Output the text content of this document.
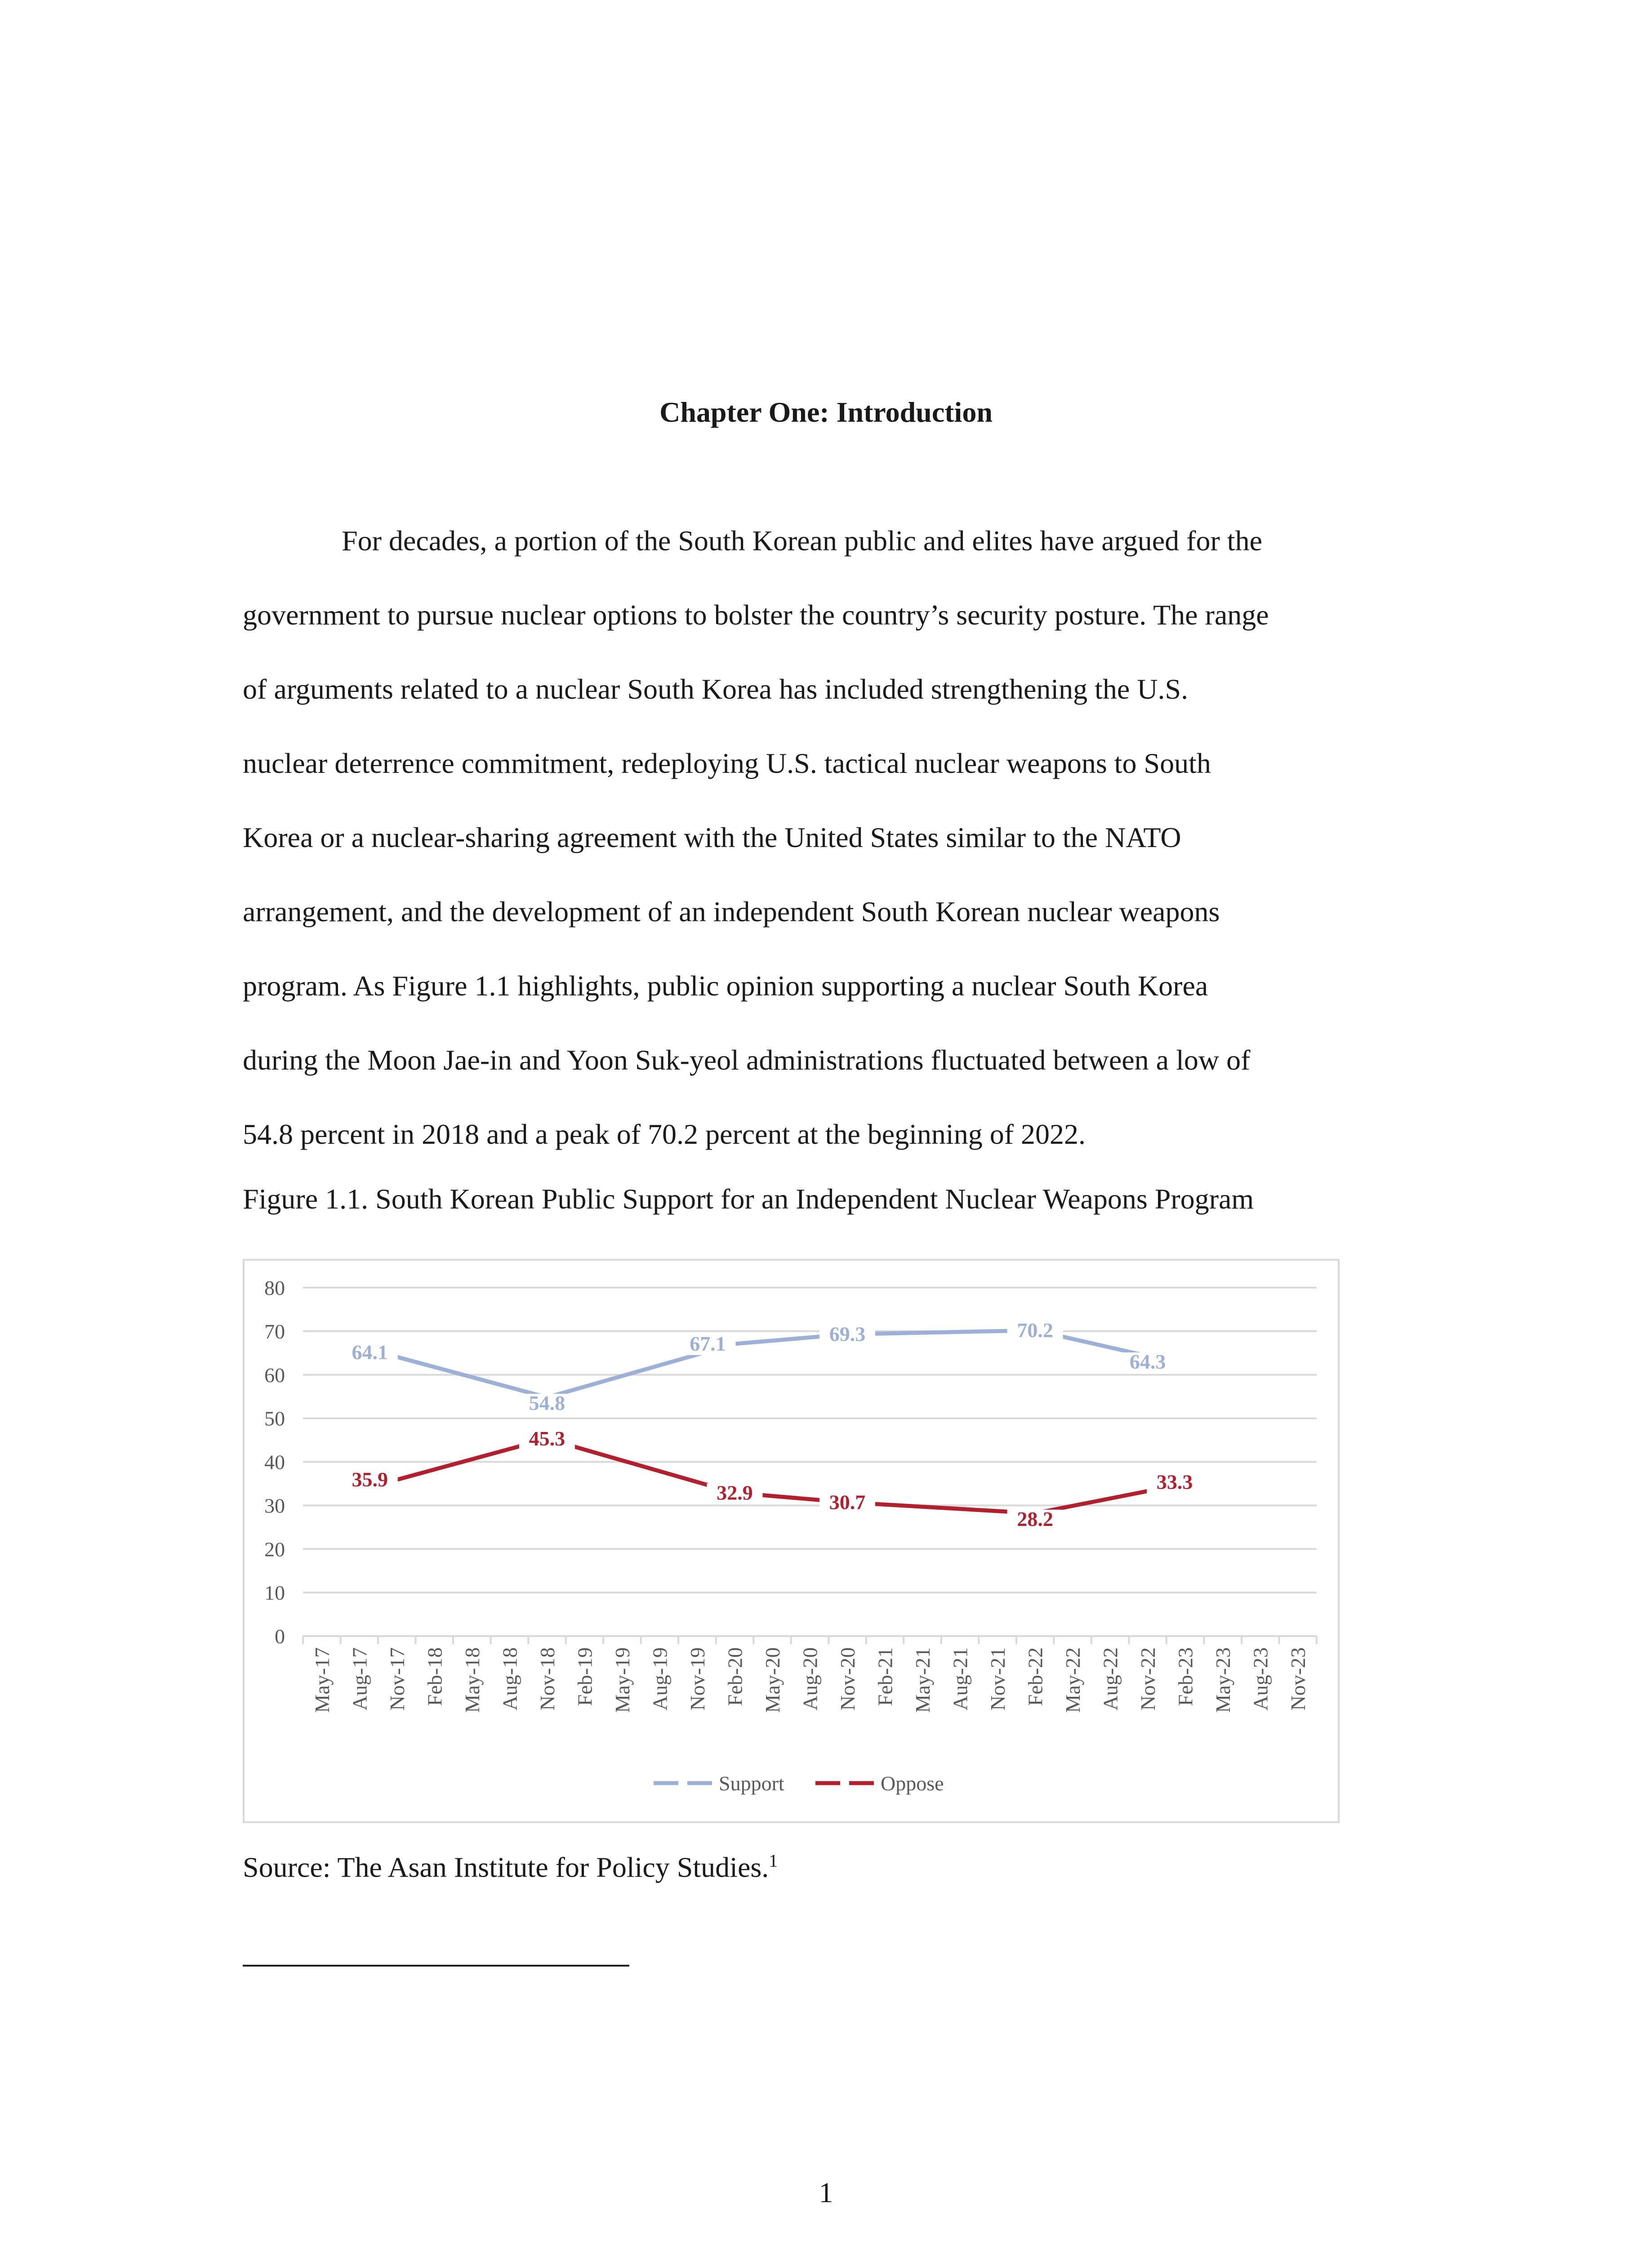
Chapter One: Introduction
For decades, a portion of the South Korean public and elites have argued for the
government to pursue nuclear options to bolster the country’s security posture. The range
of arguments related to a nuclear South Korea has included strengthening the U.S.
nuclear deterrence commitment, redeploying U.S. tactical nuclear weapons to South
Korea or a nuclear-sharing agreement with the United States similar to the NATO
arrangement, and the development of an independent South Korean nuclear weapons
program. As Figure 1.1 highlights, public opinion supporting a nuclear South Korea
during the Moon Jae-in and Yoon Suk-yeol administrations fluctuated between a low of
54.8 percent in 2018 and a peak of 70.2 percent at the beginning of 2022.
Figure 1.1. South Korean Public Support for an Independent Nuclear Weapons Program
0
10
20
30
40
50
60
70
80
May-17 Aug-17 Nov-17 Feb-18 May-18 Aug-18 Nov-18 Feb-19 May-19 Aug-19 Nov-19 Feb-20 May-20 Aug-20 Nov-20 Feb-21 May-21 Aug-21 Nov-21 Feb-22 May-22 Aug-22 Nov-22 Feb-23 May-23 Aug-23 Nov-23
64.1
54.8
67.1	69.3	70.2
64.3
35.9
45.3
32.9	30.7
28.2
33.3
Support	Oppose
Source: The Asan Institute for Policy Studies.$^1$
1
